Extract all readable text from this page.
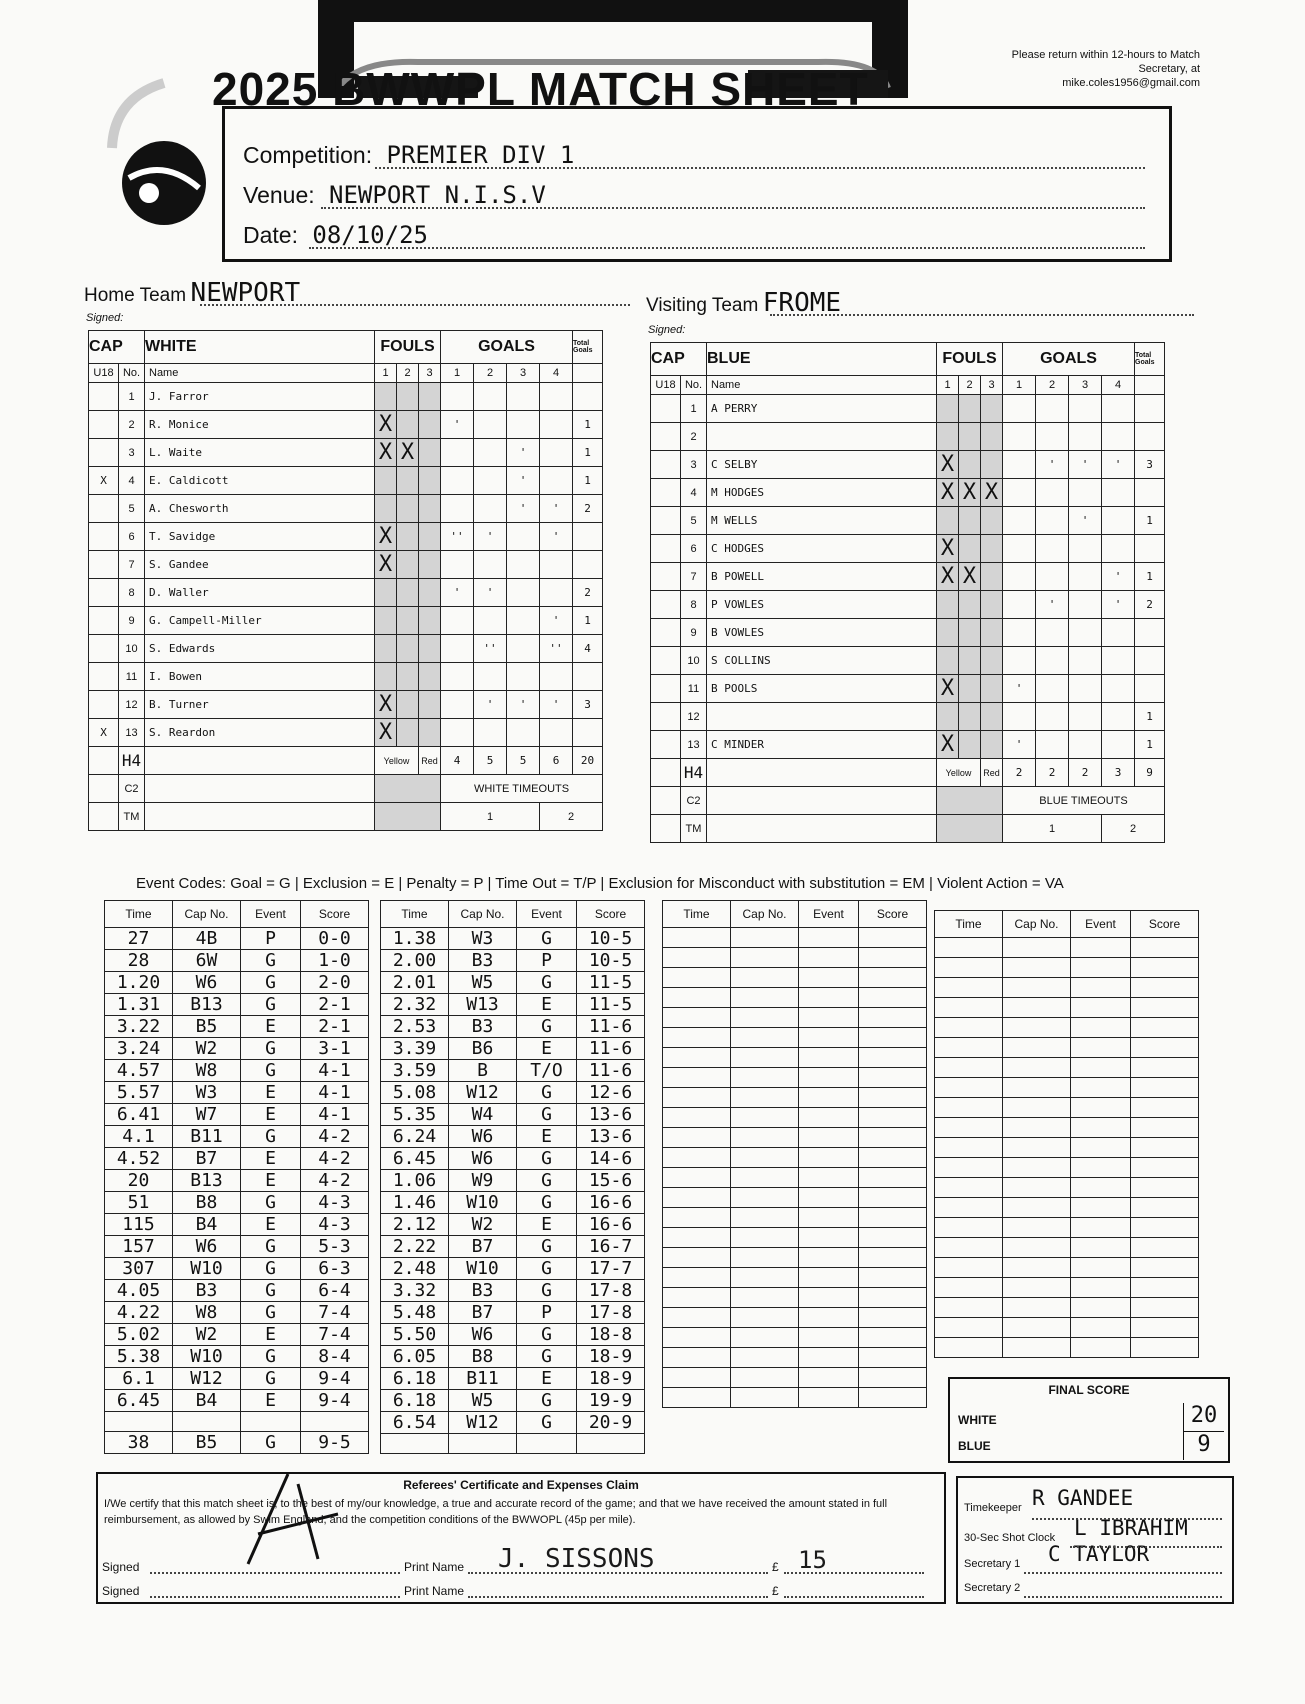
2025 BWWPL MATCH SHEET
Please return within 12-hours to Match Secretary, at mike.coles1956@gmail.com
Competition: PREMIER DIV 1
Venue: NEWPORT N.I.S.V
Date: 08/10/25
Home Team NEWPORT
Signed:
Visiting Team FROME
Signed:
CAP		WHITE	FOULS			GOALS				Total Goals
U18	No.	Name	1	2	3	1	2	3	4	
	1	J. Farror								
	2	R. Monice	X			'				1
	3	L. Waite	X	X				'		1
X	4	E. Caldicott						'		1
	5	A. Chesworth						'	'	2
	6	T. Savidge	X			''	'		'	
	7	S. Gandee	X							
	8	D. Waller				'	'			2
	9	G. Campell-Miller							'	1
	10	S. Edwards					''		''	4
	11	I. Bowen								
	12	B. Turner	X				'	'	'	3
X	13	S. Reardon	X							
	H4		Yellow		Red	4	5	5	6	20
	C2					WHITE TIMEOUTS				
	TM					1			2	
CAP		BLUE	FOULS			GOALS				Total Goals
U18	No.	Name	1	2	3	1	2	3	4	
	1	A PERRY								
	2									
	3	C SELBY	X				'	'	'	3
	4	M HODGES	X	X	X					
	5	M WELLS						'		1
	6	C HODGES	X							
	7	B POWELL	X	X					'	1
	8	P VOWLES					'		'	2
	9	B VOWLES								
	10	S COLLINS								
	11	B POOLS	X			'				
	12									1
	13	C MINDER	X			'				1
	H4		Yellow		Red	2	2	2	3	9
	C2					BLUE TIMEOUTS				
	TM					1			2	
Event Codes: Goal = G | Exclusion = E | Penalty = P | Time Out = T/P | Exclusion for Misconduct with substitution = EM | Violent Action = VA
Time	Cap No.	Event	Score
27	4B	P	0-0
28	6W	G	1-0
1.20	W6	G	2-0
1.31	B13	G	2-1
3.22	B5	E	2-1
3.24	W2	G	3-1
4.57	W8	G	4-1
5.57	W3	E	4-1
6.41	W7	E	4-1
4.1	B11	G	4-2
4.52	B7	E	4-2
20	B13	E	4-2
51	B8	G	4-3
115	B4	E	4-3
157	W6	G	5-3
307	W10	G	6-3
4.05	B3	G	6-4
4.22	W8	G	7-4
5.02	W2	E	7-4
5.38	W10	G	8-4
6.1	W12	G	9-4
6.45	B4	E	9-4

38	B5	G	9-5
Time	Cap No.	Event	Score
1.38	W3	G	10-5
2.00	B3	P	10-5
2.01	W5	G	11-5
2.32	W13	E	11-5
2.53	B3	G	11-6
3.39	B6	E	11-6
3.59	B	T/O	11-6
5.08	W12	G	12-6
5.35	W4	G	13-6
6.24	W6	E	13-6
6.45	W6	G	14-6
1.06	W9	G	15-6
1.46	W10	G	16-6
2.12	W2	E	16-6
2.22	B7	G	16-7
2.48	W10	G	17-7
3.32	B3	G	17-8
5.48	B7	P	17-8
5.50	W6	G	18-8
6.05	B8	G	18-9
6.18	B11	E	18-9
6.18	W5	G	19-9
6.54	W12	G	20-9

Time	Cap No.	Event	Score

Time	Cap No.	Event	Score

FINAL SCORE
WHITE	20
BLUE	9
Referees' Certificate and Expenses Claim
I/We certify that this match sheet is, to the best of my/our knowledge, a true and accurate record of the game; and that we have received the amount stated in full reimbursement, as allowed by Swim England, and the competition conditions of the BWWOPL (45p per mile).
Signed	Print Name J. SISSONS	£ 15
Signed	Print Name	£
Timekeeper R GANDEE
30-Sec Shot Clock L IBRAHIM
Secretary 1 C TAYLOR
Secretary 2
